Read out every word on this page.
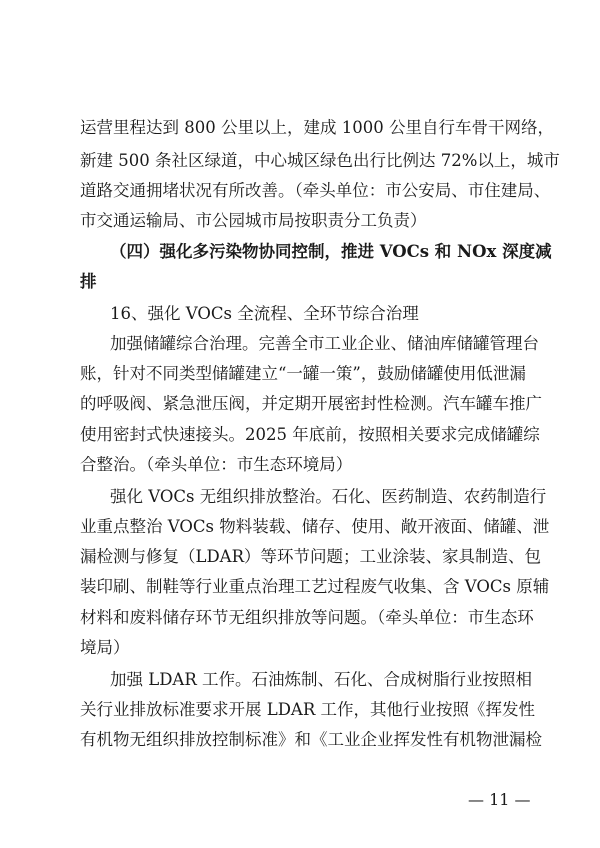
运营里程达到 800 公里以上，建成 1000 公里自行车骨干网络，
新建 500 条社区绿道，中心城区绿色出行比例达 72%以上，城市
道路交通拥堵状况有所改善。（牵头单位：市公安局、市住建局、
市交通运输局、市公园城市局按职责分工负责）
（四）强化多污染物协同控制，推进 VOCs 和 NOx 深度减
排
16、强化 VOCs 全流程、全环节综合治理
加强储罐综合治理。完善全市工业企业、储油库储罐管理台
账，针对不同类型储罐建立“一罐一策”，鼓励储罐使用低泄漏
的呼吸阀、紧急泄压阀，并定期开展密封性检测。汽车罐车推广
使用密封式快速接头。2025 年底前，按照相关要求完成储罐综
合整治。（牵头单位：市生态环境局）
强化 VOCs 无组织排放整治。石化、医药制造、农药制造行
业重点整治 VOCs 物料装载、储存、使用、敞开液面、储罐、泄
漏检测与修复（LDAR）等环节问题；工业涂装、家具制造、包
装印刷、制鞋等行业重点治理工艺过程废气收集、含 VOCs 原辅
材料和废料储存环节无组织排放等问题。（牵头单位：市生态环
境局）
加强 LDAR 工作。石油炼制、石化、合成树脂行业按照相
关行业排放标准要求开展 LDAR 工作，其他行业按照《挥发性
有机物无组织排放控制标准》和《工业企业挥发性有机物泄漏检
— 11 —
